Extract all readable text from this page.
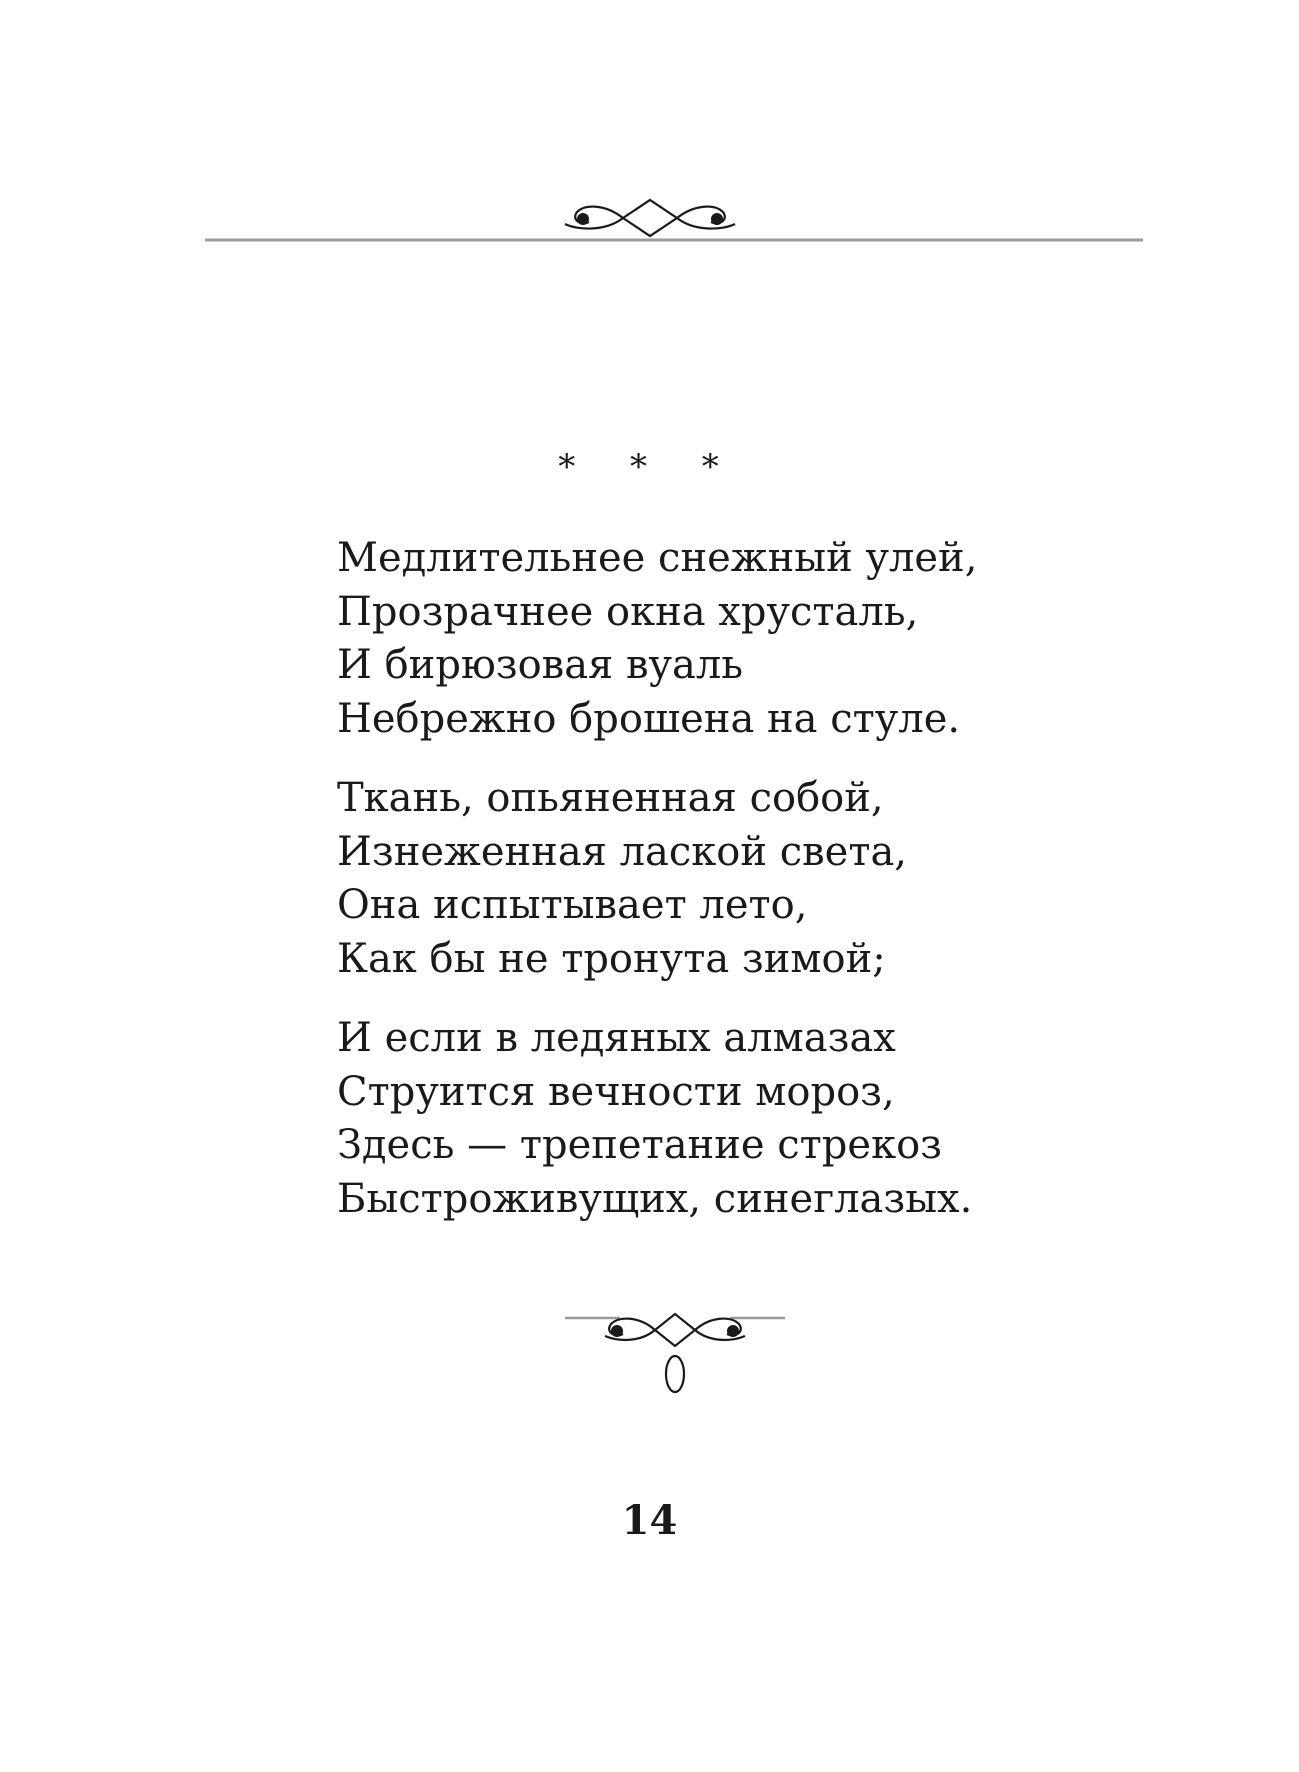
* * *
Медлительнее снежный улей,
Прозрачнее окна хрусталь,
И бирюзовая вуаль
Небрежно брошена на стуле.
Ткань, опьяненная собой,
Изнеженная лаской света,
Она испытывает лето,
Как бы не тронута зимой;
И если в ледяных алмазах
Струится вечности мороз,
Здесь — трепетание стрекоз
Быстроживущих, синеглазых.
14
